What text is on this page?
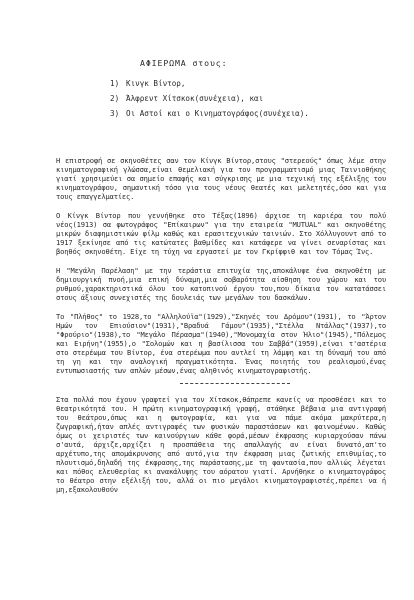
ΑΦΙΕΡΩΜΑ στους:
1) Κινγκ Βίντορ,
2) Άλφρεντ Χίτσκοκ(συνέχεια), και
3) Οι Αστοί και ο Κινηματογράφος(συνέχεια).

Η επιστροφή σε σκηνοθέτες σαν τον Κίνγκ Βίντορ,στους "στερεούς" όπως λέμε στην κινηματογραφική γλώσσα,είναι θεμελιακή για τον προγραμματισμό μιας Ταινιοθήκης γιατί χρησιμεύει σα σημείο επαφής και σύγκρισης με μια τεχνική της εξέλιξης του κινηματογράφου, σημαντική τόσο για τους νέους θεατές και μελετητές,όσο και για τους επαγγελματίες.

Ο Κίνγκ Βίντορ που γεννήθηκε στο Τέξας(1896) άρχισε τη καριέρα του πολύ νέος(1913) σα φωτογράφος "Επίκαιρων" για την εταιρεία "MUTUAL" και σκηνοθέτης μικρών διαφημιστικών φίλμ καθώς και ερασιτεχνικών ταινιών. Στο Χόλλυγουντ από το 1917 ξεκίνησε από τις κατώτατες βαθμίδες και κατάφερε να γίνει σεναρίστας και βοηθός σκηνοθέτη. Είχε τη τύχη να εργαστεί με τον Γκρίφφιθ και τον Τόμας Ίνς.

Η "Μεγάλη Παρέλαση" με την τεράστια επιτυχία της,αποκάλυψε ένα σκηνοθέτη με δημιουργική πνοή,μια επική δύναμη,μια σοβαρότητα αίσθηση του χώρου και του ρυθμού,χαρακτηριστικά όλου του κατοπινού έργου του,που δίκαια τον κατατάσσει στους άξιους συνεχιστές της δουλειάς των μεγάλων του δασκάλων.

Το "Πλήθος" το 1928,το "Αλληλούϊα"(1929),"Σκηνές του Δρόμου"(1931), το "Άρτον Ημών τον Επιούσιον"(1931),"Βραδυά Γάμου"(1935),"Στέλλα Ντάλλας"(1937),το "Φρούριο"(1938),το "Μεγάλο Πέρασμα"(1940),"Μονομαχία στον Ήλιο"(1945),"Πόλεμος και Ειρήνη"(1955),ο "Σολομών και η βασίλισσα του Σαββά"(1959),είναι τ'αστέρια στο στερέωμα του Βίντορ, ένα στερέωμα που αντλεί τη λάμψη και τη δύναμή του από τη γη και την αναλογική πραγματικότητα. Ένας ποιητής του ρεαλισμού,ένας εντυπωσιαστής των απλών μέσων,ένας αληθινός κινηματογραφιστής.

Στα πολλά που έχουν γραφτεί για τον Χίτσκοκ,θάπρεπε κανείς να προσθέσει και το θεατρικότητά του. Η πρώτη κινηματογραφική γραφή, στάθηκε βέβαια μια αντιγραφή του θεάτρου,όπως και η φωτογραφία, και για να πάμε ακόμα μακρύτερα,η ζωγραφική,ήταν απλές αντιγραφές των φυσικών παραστάσεων και φαινομένων. Καθώς όμως οι χειριστές των καινούργιων κάθε φορά,μέσων έκφρασης κυριαρχούσαν πάνω σ'αυτά, άρχιζε,αρχίζει η προσπάθεια της απαλλαγής αν είναι δυνατό,απ'το αρχέτυπο,της απομάκρυνσης από αυτό,για την έκφραση μιας ζωτικής επιθυμίας,το πλουτισμό,δηλαδή της έκφρασης,της παράστασης,με τη φαντασία,που αλλιώς λέγεται και πόθος ελευθερίας κι ανακάλυψης του αόρατου γιατί. Αρνήθηκε ο κινηματογράφος το θέατρο στην εξέλιξή του, αλλά οι πιο μεγάλοι κινηματογραφιστές,πρέπει να ή μη,εξακολουθούν
